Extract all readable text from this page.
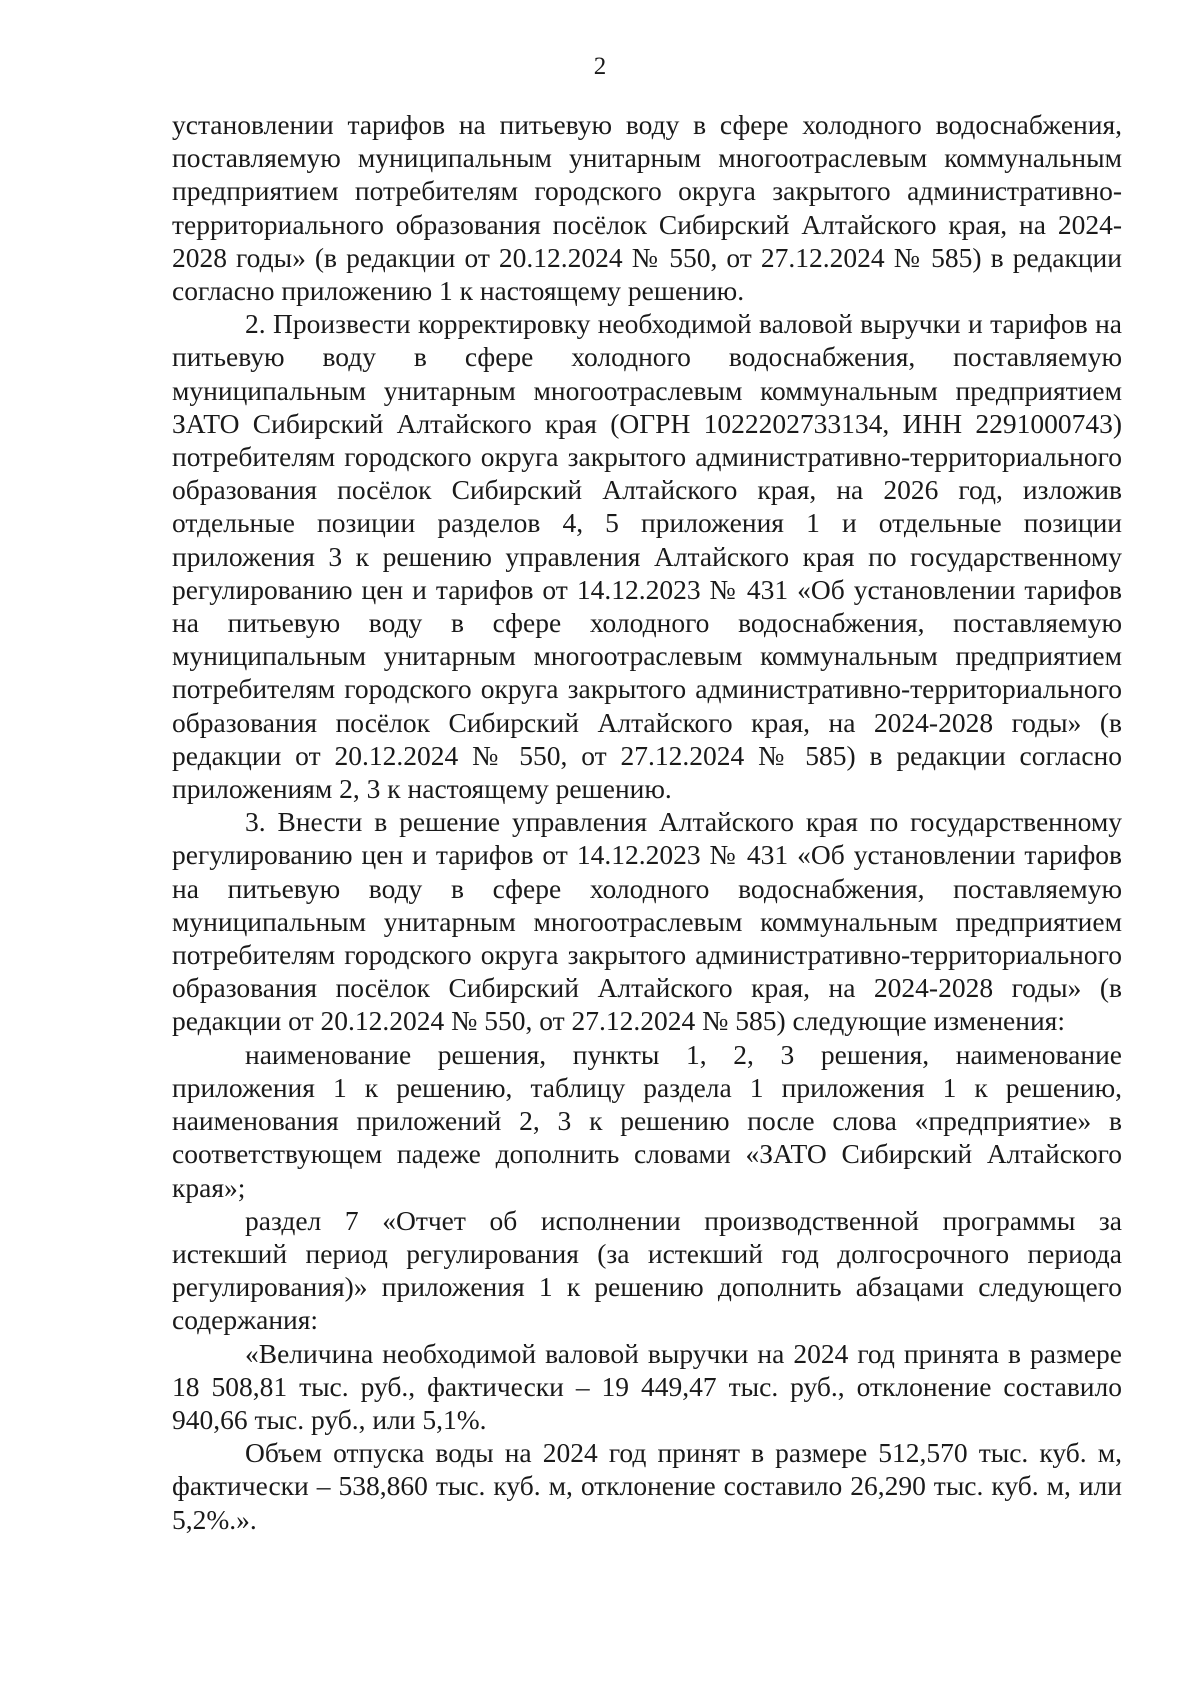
2

установлении тарифов на питьевую воду в сфере холодного водоснабжения, поставляемую муниципальным унитарным многоотраслевым коммунальным предприятием потребителям городского округа закрытого административно-территориального образования посёлок Сибирский Алтайского края, на 2024-2028 годы» (в редакции от 20.12.2024 № 550, от 27.12.2024 № 585) в редакции согласно приложению 1 к настоящему решению.

2. Произвести корректировку необходимой валовой выручки и тарифов на питьевую воду в сфере холодного водоснабжения, поставляемую муниципальным унитарным многоотраслевым коммунальным предприятием ЗАТО Сибирский Алтайского края (ОГРН 1022202733134, ИНН 2291000743) потребителям городского округа закрытого административно-территориального образования посёлок Сибирский Алтайского края, на 2026 год, изложив отдельные позиции разделов 4, 5 приложения 1 и отдельные позиции приложения 3 к решению управления Алтайского края по государственному регулированию цен и тарифов от 14.12.2023 № 431 «Об установлении тарифов на питьевую воду в сфере холодного водоснабжения, поставляемую муниципальным унитарным многоотраслевым коммунальным предприятием потребителям городского округа закрытого административно-территориального образования посёлок Сибирский Алтайского края, на 2024-2028 годы» (в редакции от 20.12.2024 № 550, от 27.12.2024 № 585) в редакции согласно приложениям 2, 3 к настоящему решению.

3. Внести в решение управления Алтайского края по государственному регулированию цен и тарифов от 14.12.2023 № 431 «Об установлении тарифов на питьевую воду в сфере холодного водоснабжения, поставляемую муниципальным унитарным многоотраслевым коммунальным предприятием потребителям городского округа закрытого административно-территориального образования посёлок Сибирский Алтайского края, на 2024-2028 годы» (в редакции от 20.12.2024 № 550, от 27.12.2024 № 585) следующие изменения:

наименование решения, пункты 1, 2, 3 решения, наименование приложения 1 к решению, таблицу раздела 1 приложения 1 к решению, наименования приложений 2, 3 к решению после слова «предприятие» в соответствующем падеже дополнить словами «ЗАТО Сибирский Алтайского края»;

раздел 7 «Отчет об исполнении производственной программы за истекший период регулирования (за истекший год долгосрочного периода регулирования)» приложения 1 к решению дополнить абзацами следующего содержания:

«Величина необходимой валовой выручки на 2024 год принята в размере 18 508,81 тыс. руб., фактически – 19 449,47 тыс. руб., отклонение составило 940,66 тыс. руб., или 5,1%.

Объем отпуска воды на 2024 год принят в размере 512,570 тыс. куб. м, фактически – 538,860 тыс. куб. м, отклонение составило 26,290 тыс. куб. м, или 5,2%.».
